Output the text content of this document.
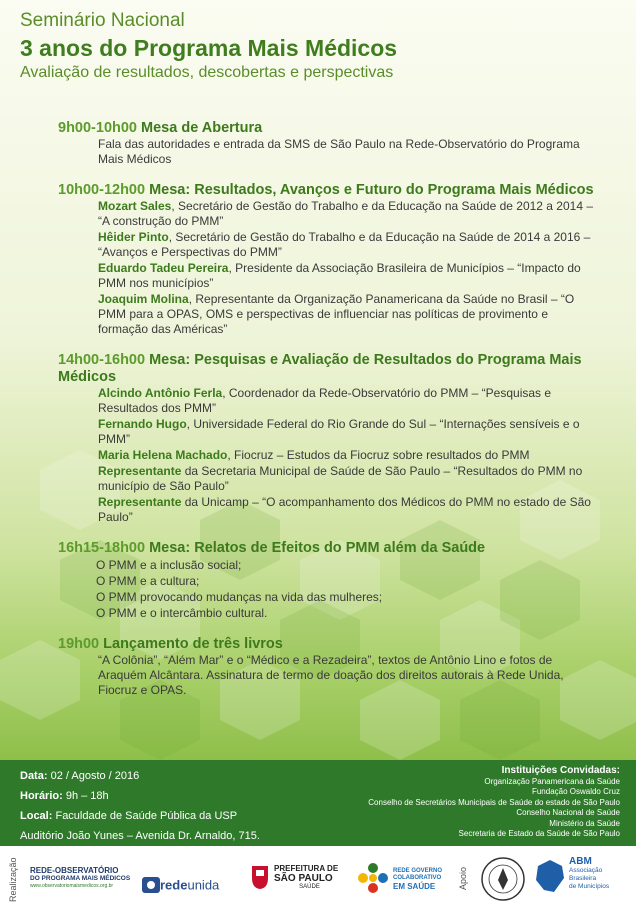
Seminário Nacional
3 anos do Programa Mais Médicos
Avaliação de resultados, descobertas e perspectivas
9h00-10h00 Mesa de Abertura
Fala das autoridades e entrada da SMS de São Paulo na Rede-Observatório do Programa Mais Médicos
10h00-12h00 Mesa: Resultados, Avanços e Futuro do Programa Mais Médicos

Mozart Sales, Secretário de Gestão do Trabalho e da Educação na Saúde de 2012 a 2014 – “A construção do PMM”

Hêider Pinto, Secretário de Gestão do Trabalho e da Educação na Saúde de 2014 a 2016 – “Avanços e Perspectivas do PMM”

Eduardo Tadeu Pereira, Presidente da Associação Brasileira de Municípios – “Impacto do PMM nos municípios”

Joaquim Molina, Representante da Organização Panamericana da Saúde no Brasil – “O PMM para a OPAS, OMS e perspectivas de influenciar nas políticas de provimento e formação das Américas”

14h00-16h00 Mesa: Pesquisas e Avaliação de Resultados do Programa Mais Médicos

Alcindo Antônio Ferla, Coordenador da Rede-Observatório do PMM – “Pesquisas e Resultados dos PMM”

Fernando Hugo, Universidade Federal do Rio Grande do Sul – “Internações sensíveis e o PMM”

Maria Helena Machado, Fiocruz – Estudos da Fiocruz sobre resultados do PMM

Representante da Secretaria Municipal de Saúde de São Paulo – “Resultados do PMM no município de São Paulo”

Representante da Unicamp – “O acompanhamento dos Médicos do PMM no estado de São Paulo”

16h15-18h00 Mesa: Relatos de Efeitos do PMM além da Saúde
O PMM e a inclusão social;
O PMM e a cultura;
O PMM provocando mudanças na vida das mulheres;
O PMM e o intercâmbio cultural.
19h00 Lançamento de três livros
“A Colônia”, “Além Mar” e o “Médico e a Rezadeira”, textos de Antônio Lino e fotos de Araquém Alcântara. Assinatura de termo de doação dos direitos autorais à Rede Unida, Fiocruz e OPAS.
Data: 02 / Agosto / 2016
Horário: 9h – 18h
Local: Faculdade de Saúde Pública da USP
Auditório João Yunes – Avenida Dr. Arnaldo, 715.
Instituições Convidadas:
Organização Panamericana da Saúde
Fundação Oswaldo Cruz
Conselho de Secretários Municipais de Saúde do estado de São Paulo
Conselho Nacional de Saúde
Ministério da Saúde
Secretaria de Estado da Saúde de São Paulo
Realização REDE-OBSERVATÓRIO
DO PROGRAMA MAIS MÉDICOS
www.observatoriomaismedicos.org.br	redeunida
PREFEITURA DE
SÃO PAULO
SAÚDE
REDE GOVERNO
COLABORATIVO
EM SAÚDE	Apoio
ABM
Associação
Brasileira
de Municípios
